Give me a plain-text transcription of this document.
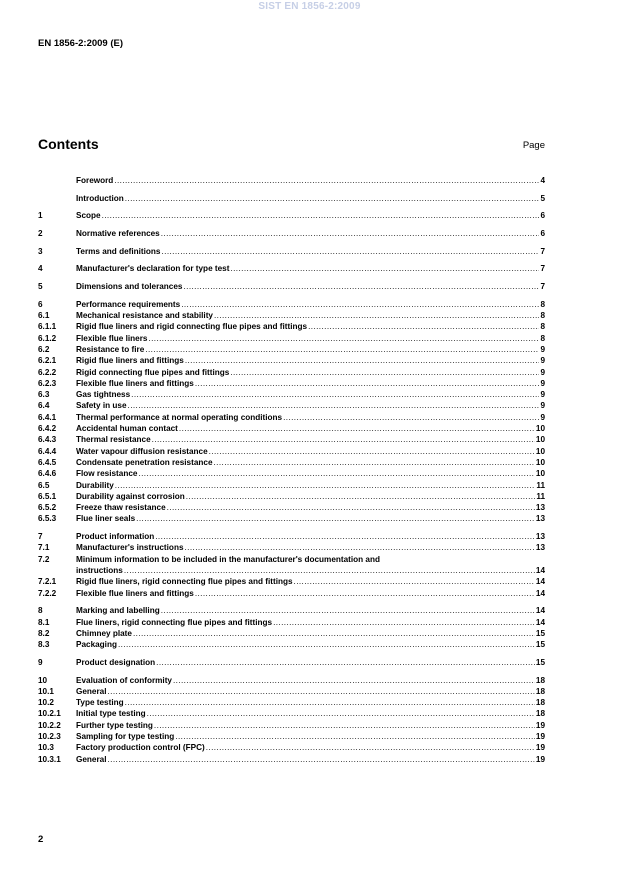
SIST EN 1856-2:2009
EN 1856-2:2009 (E)
Contents	Page
Foreword .....	4
Introduction .....	5
1	Scope .....	6
2	Normative references .....	6
3	Terms and definitions .....	7
4	Manufacturer's declaration for type test .....	7
5	Dimensions and tolerances .....	7
6	Performance requirements .....	8
6.1	Mechanical resistance and stability .....	8
6.1.1	Rigid flue liners and rigid connecting flue pipes and fittings .....	8
6.1.2	Flexible flue liners .....	8
6.2	Resistance to fire .....	9
6.2.1	Rigid flue liners and fittings .....	9
6.2.2	Rigid connecting flue pipes and fittings .....	9
6.2.3	Flexible flue liners and fittings .....	9
6.3	Gas tightness .....	9
6.4	Safety in use .....	9
6.4.1	Thermal performance at normal operating conditions .....	9
6.4.2	Accidental human contact .....	10
6.4.3	Thermal resistance .....	10
6.4.4	Water vapour diffusion resistance .....	10
6.4.5	Condensate penetration resistance .....	10
6.4.6	Flow resistance .....	10
6.5	Durability .....	11
6.5.1	Durability against corrosion .....	11
6.5.2	Freeze thaw resistance .....	13
6.5.3	Flue liner seals .....	13
7	Product information .....	13
7.1	Manufacturer's instructions .....	13
7.2	Minimum information to be included in the manufacturer's documentation and
instructions .....	14
7.2.1	Rigid flue liners, rigid connecting flue pipes and fittings .....	14
7.2.2	Flexible flue liners and fittings .....	14
8	Marking and labelling .....	14
8.1	Flue liners, rigid connecting flue pipes and fittings .....	14
8.2	Chimney plate .....	15
8.3	Packaging .....	15
9	Product designation .....	15
10	Evaluation of conformity .....	18
10.1	General .....	18
10.2	Type testing .....	18
10.2.1	Initial type testing .....	18
10.2.2	Further type testing .....	19
10.2.3	Sampling for type testing .....	19
10.3	Factory production control (FPC) .....	19
10.3.1	General .....	19
2
